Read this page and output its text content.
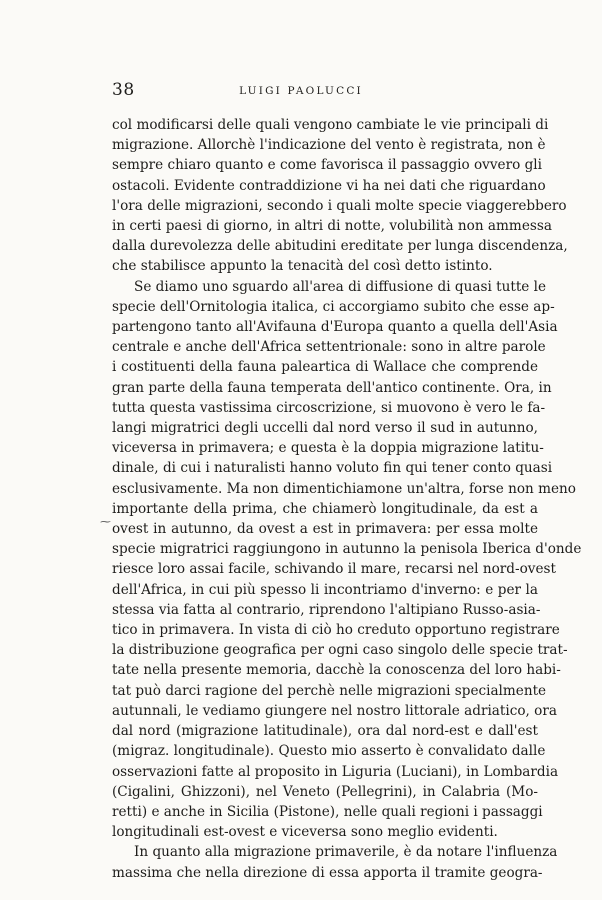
38	LUIGI PAOLUCCI
⁓
col modificarsi delle quali vengono cambiate le vie principali di
migrazione. Allorchè l'indicazione del vento è registrata, non è
sempre chiaro quanto e come favorisca il passaggio ovvero gli
ostacoli. Evidente contraddizione vi ha nei dati che riguardano
l'ora delle migrazioni, secondo i quali molte specie viaggerebbero
in certi paesi di giorno, in altri di notte, volubilità non ammessa
dalla durevolezza delle abitudini ereditate per lunga discendenza,
che stabilisce appunto la tenacità del così detto istinto.
Se diamo uno sguardo all'area di diffusione di quasi tutte le
specie dell'Ornitologia italica, ci accorgiamo subito che esse ap-
partengono tanto all'Avifauna d'Europa quanto a quella dell'Asia
centrale e anche dell'Africa settentrionale: sono in altre parole
i costituenti della fauna paleartica di Wallace che comprende
gran parte della fauna temperata dell'antico continente. Ora, in
tutta questa vastissima circoscrizione, si muovono è vero le fa-
langi migratrici degli uccelli dal nord verso il sud in autunno,
viceversa in primavera; e questa è la doppia migrazione latitu-
dinale, di cui i naturalisti hanno voluto fin qui tener conto quasi
esclusivamente. Ma non dimentichiamone un'altra, forse non meno
importante della prima, che chiamerò longitudinale, da est a
ovest in autunno, da ovest a est in primavera: per essa molte
specie migratrici raggiungono in autunno la penisola Iberica d'onde
riesce loro assai facile, schivando il mare, recarsi nel nord-ovest
dell'Africa, in cui più spesso li incontriamo d'inverno: e per la
stessa via fatta al contrario, riprendono l'altipiano Russo-asia-
tico in primavera. In vista di ciò ho creduto opportuno registrare
la distribuzione geografica per ogni caso singolo delle specie trat-
tate nella presente memoria, dacchè la conoscenza del loro habi-
tat può darci ragione del perchè nelle migrazioni specialmente
autunnali, le vediamo giungere nel nostro littorale adriatico, ora
dal nord (migrazione latitudinale), ora dal nord-est e dall'est
(migraz. longitudinale). Questo mio asserto è convalidato dalle
osservazioni fatte al proposito in Liguria (Luciani), in Lombardia
(Cigalini, Ghizzoni), nel Veneto (Pellegrini), in Calabria (Mo-
retti) e anche in Sicilia (Pistone), nelle quali regioni i passaggi
longitudinali est-ovest e viceversa sono meglio evidenti.
In quanto alla migrazione primaverile, è da notare l'influenza
massima che nella direzione di essa apporta il tramite geogra-
